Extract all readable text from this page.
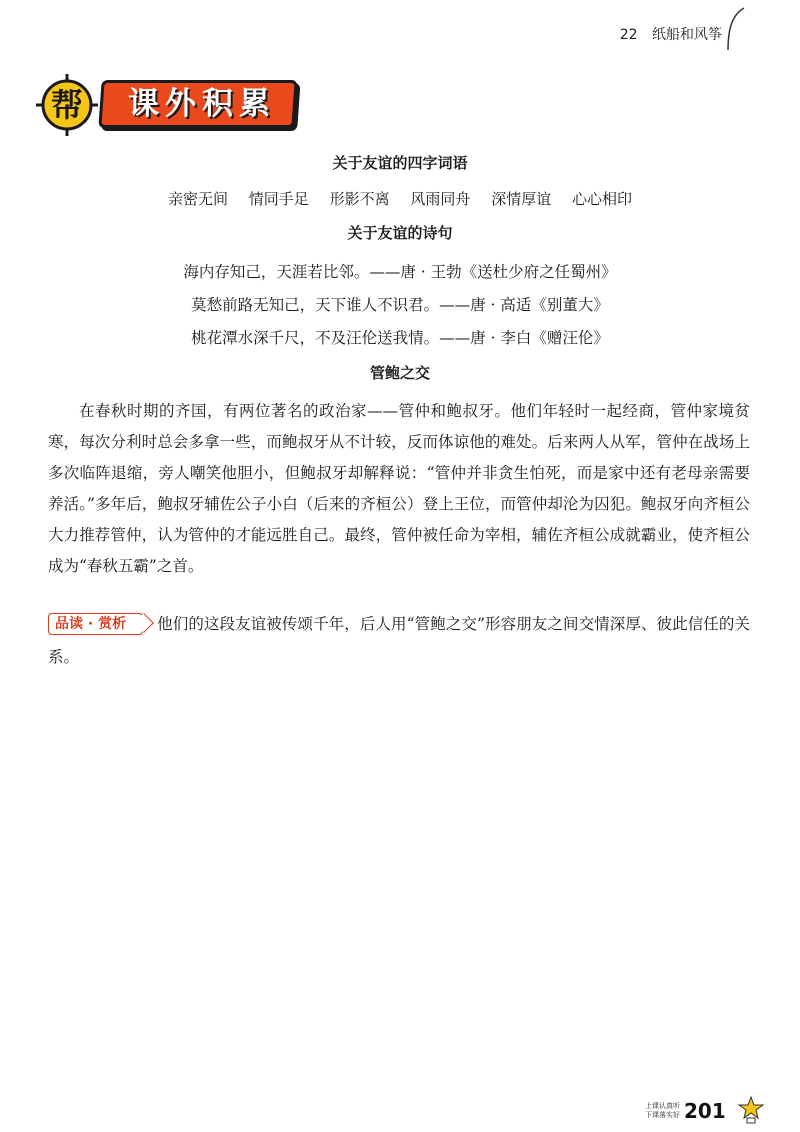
22 纸船和风筝
帮	课外积累
关于友谊的四字词语
亲密无间 情同手足 形影不离 风雨同舟 深情厚谊 心心相印
关于友谊的诗句
海内存知己，天涯若比邻。——唐 · 王勃《送杜少府之任蜀州》
莫愁前路无知己，天下谁人不识君。——唐 · 高适《别董大》
桃花潭水深千尺，不及汪伦送我情。——唐 · 李白《赠汪伦》
管鲍之交

在春秋时期的齐国，有两位著名的政治家——管仲和鲍叔牙。他们年轻时一起经商，管仲家境贫寒，每次分利时总会多拿一些，而鲍叔牙从不计较，反而体谅他的难处。后来两人从军，管仲在战场上多次临阵退缩，旁人嘲笑他胆小，但鲍叔牙却解释说：“管仲并非贪生怕死，而是家中还有老母亲需要养活。”多年后，鲍叔牙辅佐公子小白（后来的齐桓公）登上王位，而管仲却沦为囚犯。鲍叔牙向齐桓公大力推荐管仲，认为管仲的才能远胜自己。最终，管仲被任命为宰相，辅佐齐桓公成就霸业，使齐桓公成为“春秋五霸”之首。

品读 · 赏析 他们的这段友谊被传颂千年，后人用“管鲍之交”形容朋友之间交情深厚、彼此信任的关系。
上课认真听
下课落实好 201
